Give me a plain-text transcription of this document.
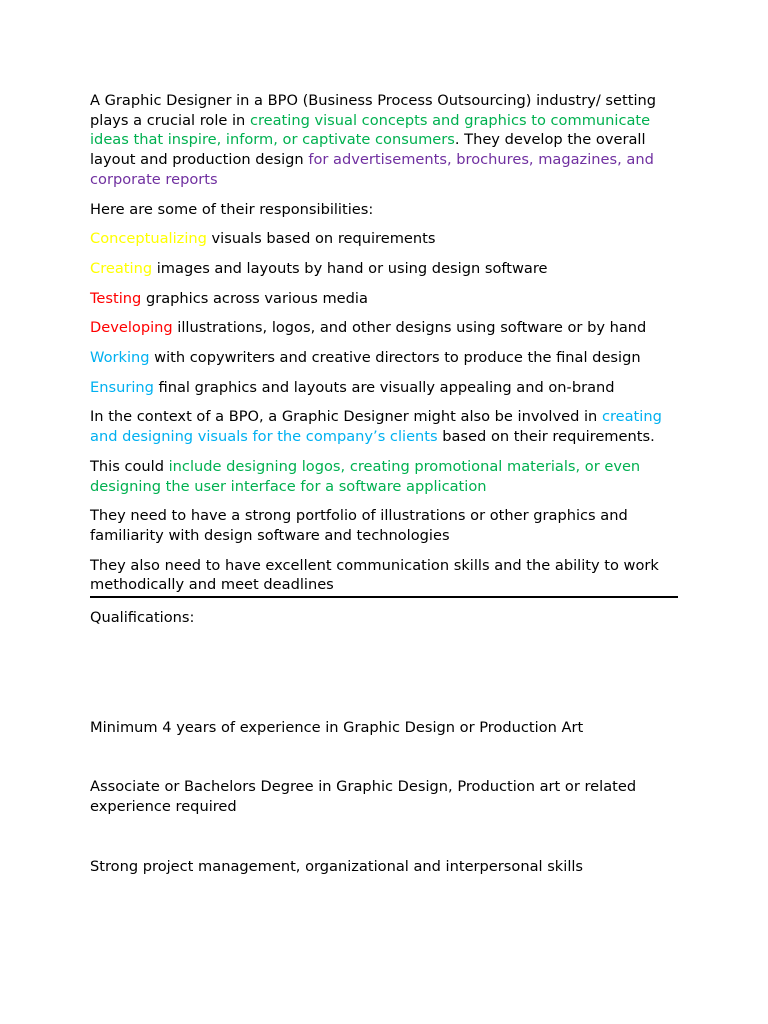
A Graphic Designer in a BPO (Business Process Outsourcing) industry/ setting plays a crucial role in creating visual concepts and graphics to communicate ideas that inspire, inform, or captivate consumers. They develop the overall layout and production design for advertisements, brochures, magazines, and corporate reports

Here are some of their responsibilities:

Conceptualizing visuals based on requirements

Creating images and layouts by hand or using design software

Testing graphics across various media

Developing illustrations, logos, and other designs using software or by hand

Working with copywriters and creative directors to produce the final design

Ensuring final graphics and layouts are visually appealing and on-brand

In the context of a BPO, a Graphic Designer might also be involved in creating and designing visuals for the company’s clients based on their requirements.

This could include designing logos, creating promotional materials, or even designing the user interface for a software application

They need to have a strong portfolio of illustrations or other graphics and familiarity with design software and technologies

They also need to have excellent communication skills and the ability to work methodically and meet deadlines

Qualifications:

Minimum 4 years of experience in Graphic Design or Production Art

Associate or Bachelors Degree in Graphic Design, Production art or related experience required

Strong project management, organizational and interpersonal skills
